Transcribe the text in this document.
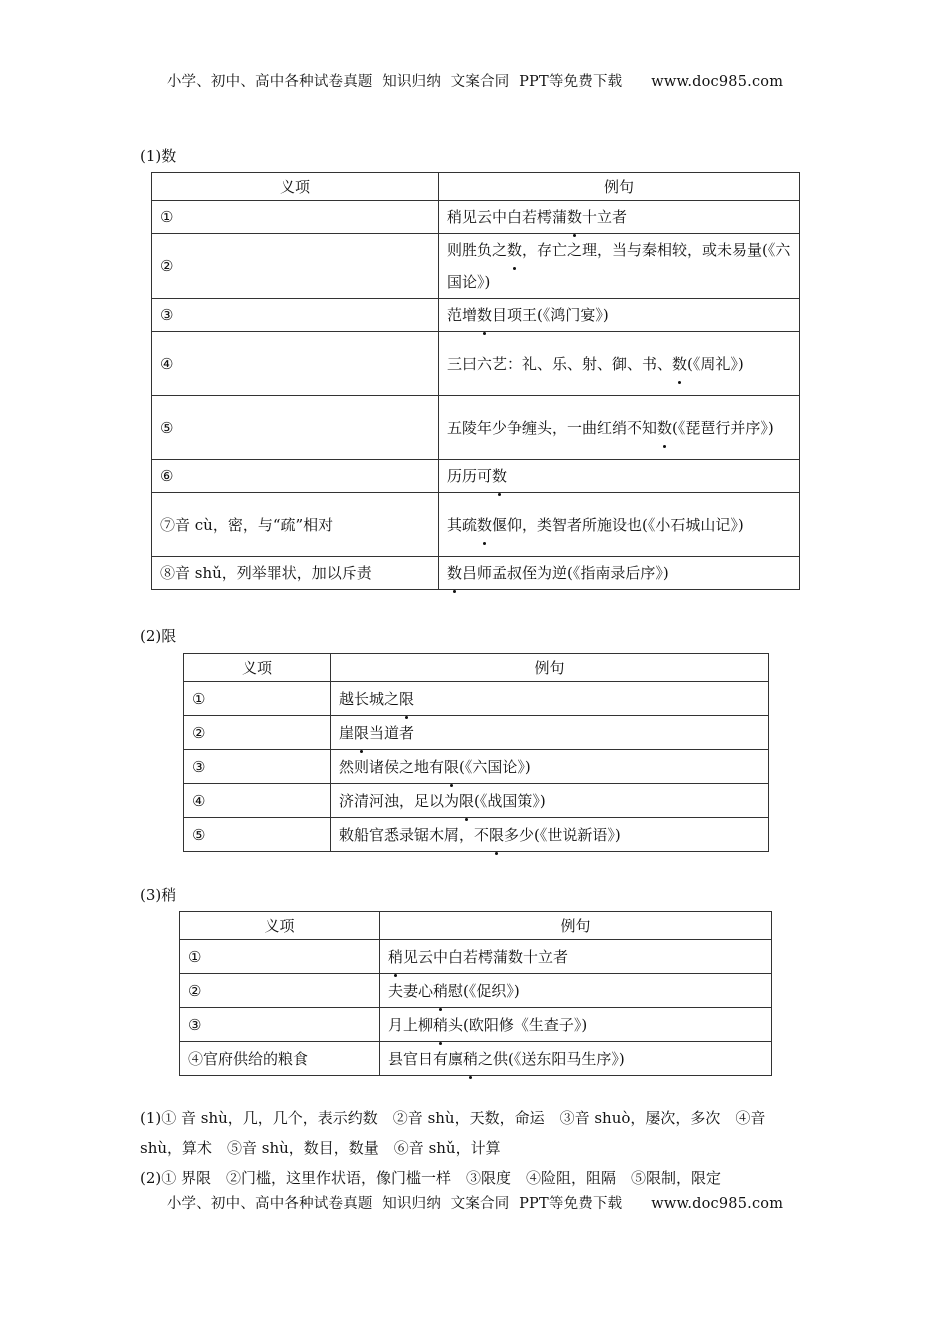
小学、初中、高中各种试卷真题  知识归纳  文案合同  PPT等免费下载      www.doc985.com
(1)数
义项	例句
①	稍见云中白若樗蒲数十立者
②	则胜负之数，存亡之理，当与秦相较，或未易量(《六国论》)
③	范增数目项王(《鸿门宴》)
④	三曰六艺：礼、乐、射、御、书、数(《周礼》)
⑤	五陵年少争缠头，一曲红绡不知数(《琵琶行并序》)
⑥	历历可数
⑦音 cù，密，与“疏”相对	其疏数偃仰，类智者所施设也(《小石城山记》)
⑧音 shǔ，列举罪状，加以斥责	数吕师孟叔侄为逆(《指南录后序》)
(2)限
义项	例句
①	越长城之限
②	崖限当道者
③	然则诸侯之地有限(《六国论》)
④	济清河浊，足以为限(《战国策》)
⑤	敕船官悉录锯木屑，不限多少(《世说新语》)
(3)稍
义项	例句
①	稍见云中白若樗蒲数十立者
②	夫妻心稍慰(《促织》)
③	月上柳稍头(欧阳修《生查子》)
④官府供给的粮食	县官日有廪稍之供(《送东阳马生序》)
(1)① 音 shù，几，几个，表示约数　②音 shù，天数，命运　③音 shuò，屡次，多次　④音
shù，算术　⑤音 shù，数目，数量　⑥音 shǔ，计算
(2)① 界限　②门槛，这里作状语，像门槛一样　③限度　④险阻，阻隔　⑤限制，限定
小学、初中、高中各种试卷真题  知识归纳  文案合同  PPT等免费下载      www.doc985.com
